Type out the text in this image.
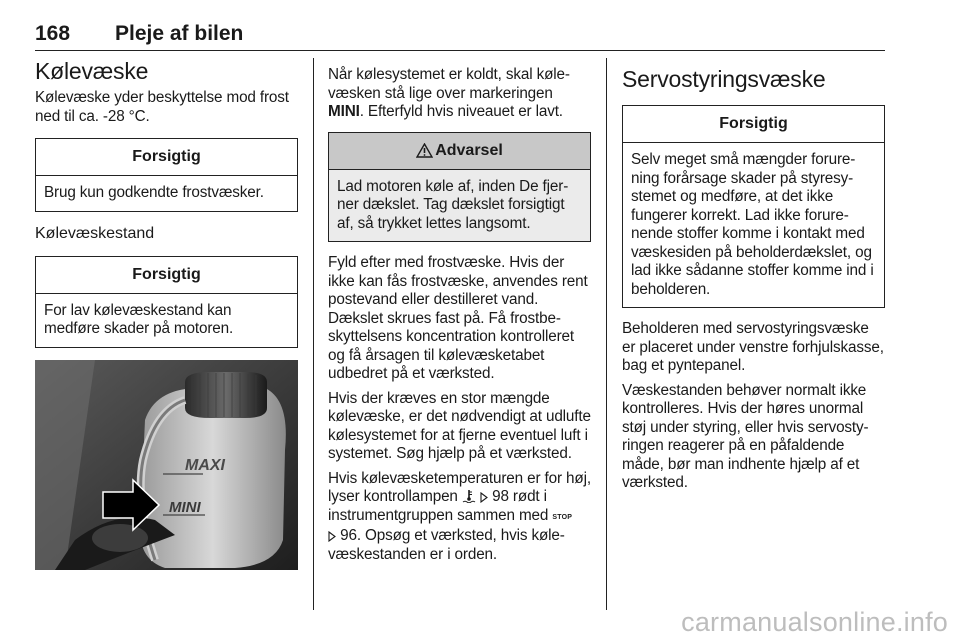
168 Pleje af bilen
Kølevæske

Kølevæske yder beskyttelse mod frost ned til ca. -28 °C.

Forsigtig
Brug kun godkendte frostvæsker.
Kølevæskestand
Forsigtig
For lav kølevæskestand kan medføre skader på motoren.
MAXI
MINI

Når kølesystemet er koldt, skal kølevæsken stå lige over markeringen MINI. Efterfyld hvis niveauet er lavt.

Advarsel
Lad motoren køle af, inden De fjerner dækslet. Tag dækslet forsigtigt af, så trykket lettes langsomt.

Fyld efter med frostvæske. Hvis der ikke kan fås frostvæske, anvendes rent postevand eller destilleret vand. Dækslet skrues fast på. Få frostbeskyttelsens koncentration kontrolleret og få årsagen til kølevæsketabet udbedret på et værksted.

Hvis der kræves en stor mængde kølevæske, er det nødvendigt at udlufte kølesystemet for at fjerne eventuel luft i systemet. Søg hjælp på et værksted.

Hvis kølevæsketemperaturen er for høj, lyser kontrollampen   98 rødt i instrumentgruppen sammen med STOP
96. Opsøg et værksted, hvis kølevæskestanden er i orden.

Servostyringsvæske
Forsigtig
Selv meget små mængder forurening forårsage skader på styresystemet og medføre, at det ikke fungerer korrekt. Lad ikke forurenende stoffer komme i kontakt med væskesiden på beholderdækslet, og lad ikke sådanne stoffer komme ind i beholderen.

Beholderen med servostyringsvæske er placeret under venstre forhjulskasse, bag et pyntepanel.

Væskestanden behøver normalt ikke kontrolleres. Hvis der høres unormal støj under styring, eller hvis servostyringen reagerer på en påfaldende måde, bør man indhente hjælp af et værksted.

carmanualsonline.info
